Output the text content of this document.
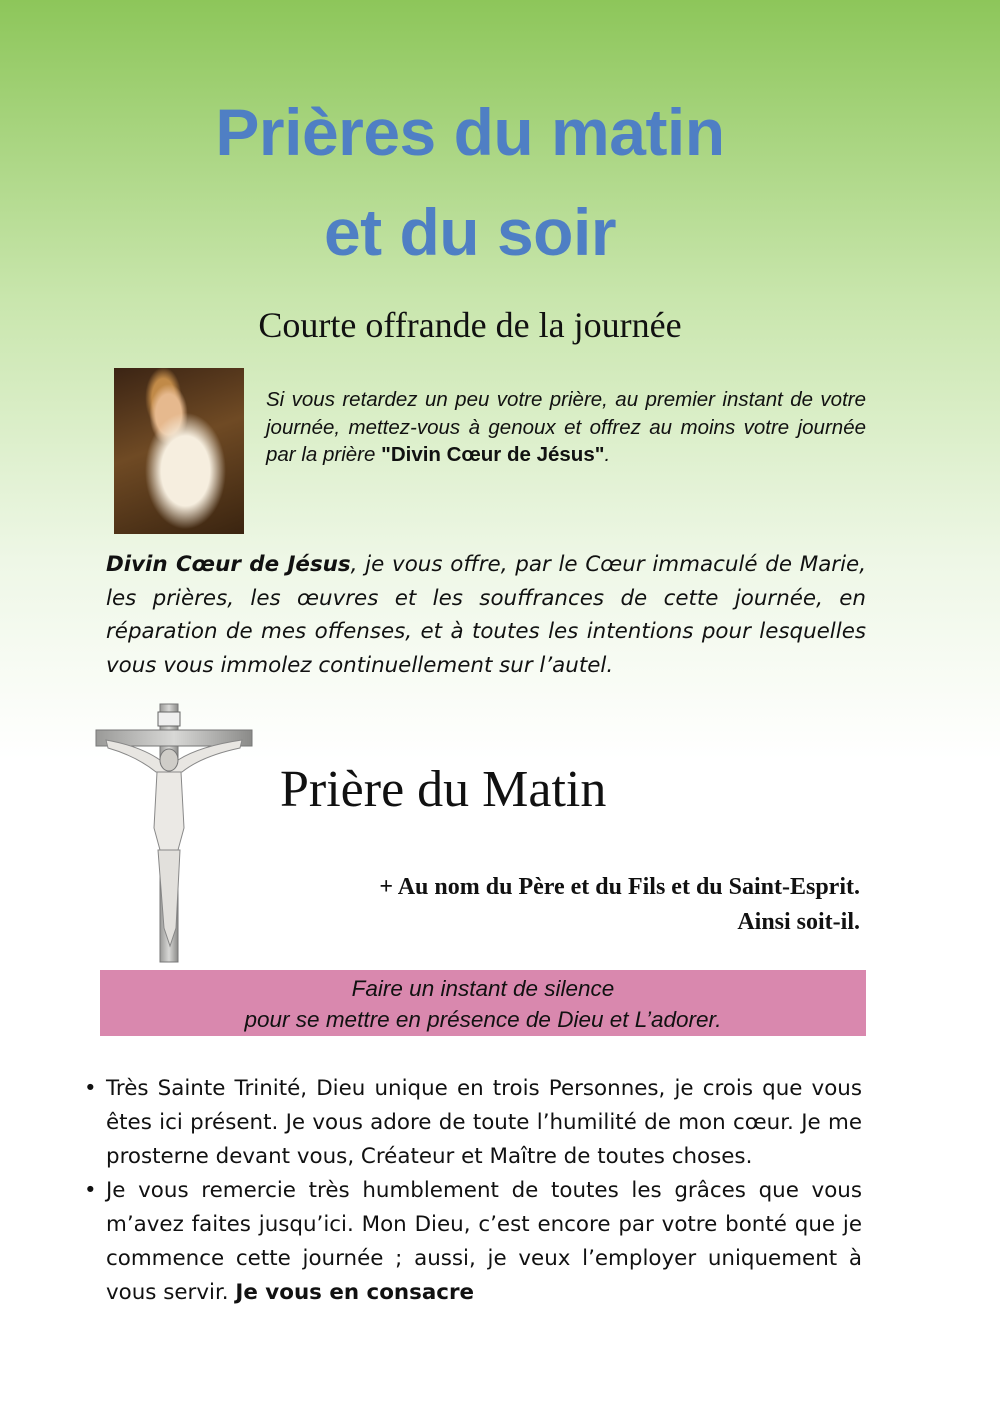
Prières du matin
et du soir
Courte offrande de la journée

Si vous retardez un peu votre prière, au premier instant de votre journée, mettez-vous à genoux et offrez au moins votre journée par la prière "Divin Cœur de Jésus".

Divin Cœur de Jésus, je vous offre, par le Cœur immaculé de Marie, les prières, les œuvres et les souffrances de cette journée, en réparation de mes offenses, et à toutes les intentions pour lesquelles vous vous immolez continuellement sur l’autel.

Prière du Matin
+ Au nom du Père et du Fils et du Saint-Esprit.
Ainsi soit-il.
Faire un instant de silence
pour se mettre en présence de Dieu et L’adorer.
• Très Sainte Trinité, Dieu unique en trois Personnes, je crois que vous êtes ici présent. Je vous adore de toute l’humilité de mon cœur. Je me prosterne devant vous, Créateur et Maître de toutes choses.
• Je vous remercie très humblement de toutes les grâces que vous m’avez faites jusqu’ici. Mon Dieu, c’est encore par votre bonté que je commence cette journée ; aussi, je veux l’employer uniquement à vous servir. Je vous en consacre
